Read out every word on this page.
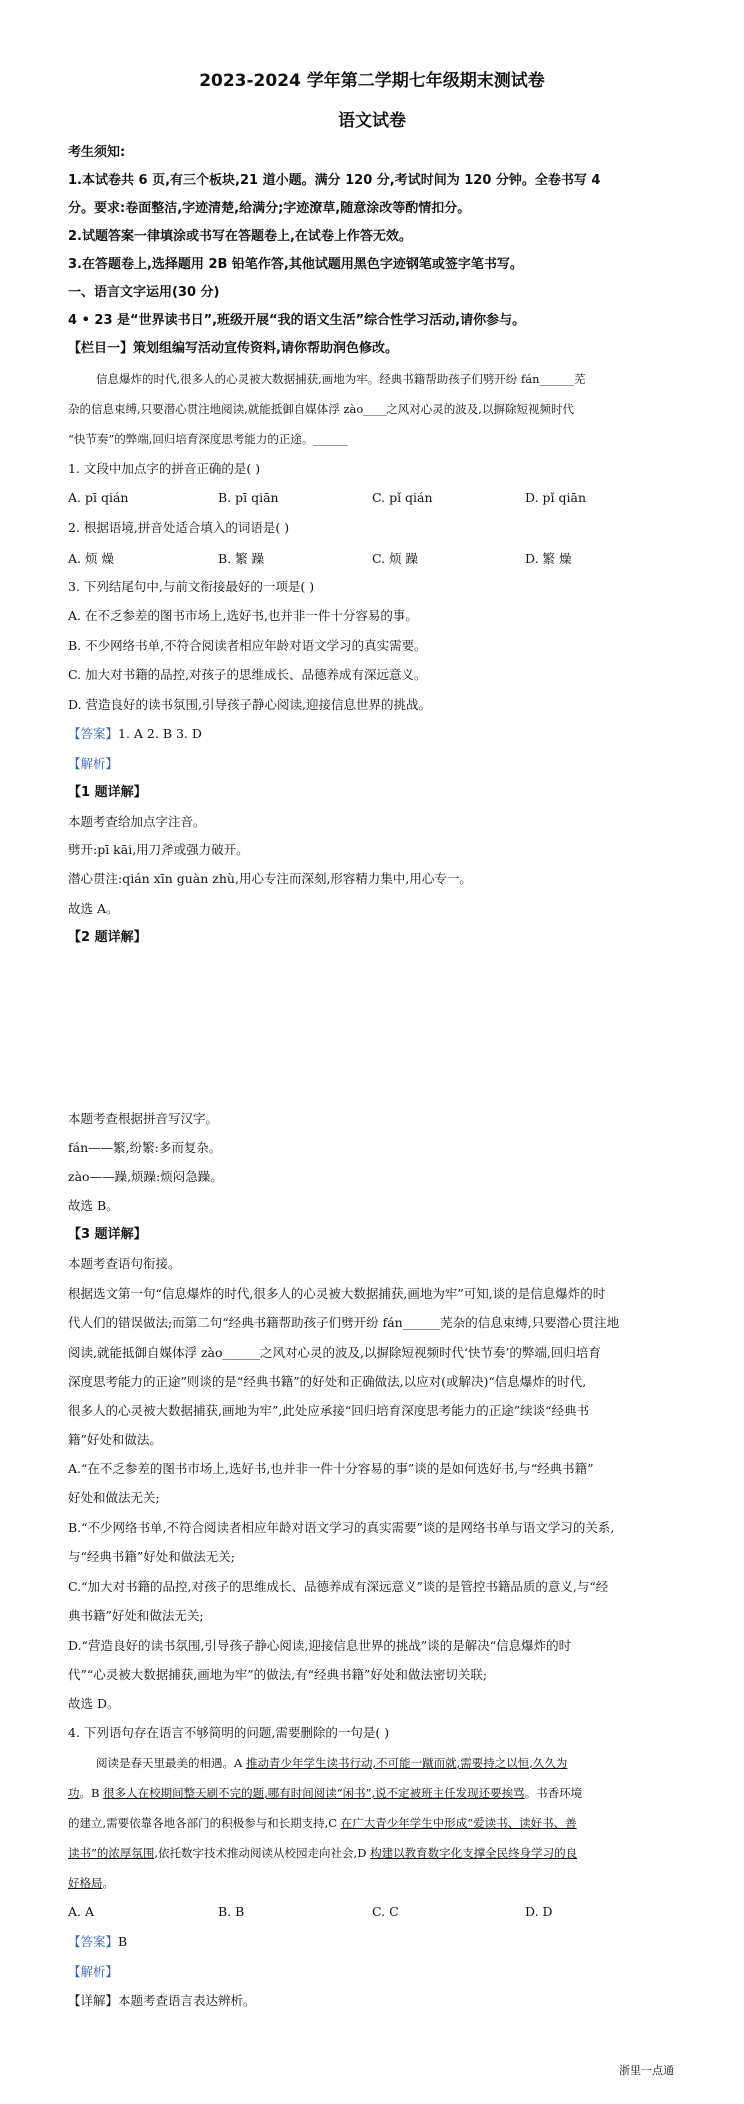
2023-2024 学年第二学期七年级期末测试卷
语文试卷
考生须知:
1.本试卷共 6 页,有三个板块,21 道小题。满分 120 分,考试时间为 120 分钟。全卷书写 4
分。要求:卷面整洁,字迹清楚,给满分;字迹潦草,随意涂改等酌情扣分。
2.试题答案一律填涂或书写在答题卷上,在试卷上作答无效。
3.在答题卷上,选择题用 2B 铅笔作答,其他试题用黑色字迹钢笔或签字笔书写。
一、语言文字运用(30 分)
4 • 23 是“世界读书日”,班级开展“我的语文生活”综合性学习活动,请你参与。
【栏目一】策划组编写活动宣传资料,请你帮助润色修改。
信息爆炸的时代,很多人的心灵被大数据捕获,画地为牢。经典书籍帮助孩子们劈开纷 fán______芜
杂的信息束缚,只要潜心贯注地阅读,就能抵御自媒体浮 zào____之风对心灵的波及,以摒除短视频时代
“快节奏”的弊端,回归培育深度思考能力的正途。______
1. 文段中加点字的拼音正确的是( )
A. pī qián	B. pī qiān	C. pǐ qián	D. pǐ qiān
2. 根据语境,拼音处适合填入的词语是( )
A. 烦 燥	B. 繁 躁	C. 烦 躁	D. 繁 燥
3. 下列结尾句中,与前文衔接最好的一项是( )
A. 在不乏参差的图书市场上,选好书,也并非一件十分容易的事。
B. 不少网络书单,不符合阅读者相应年龄对语文学习的真实需要。
C. 加大对书籍的品控,对孩子的思维成长、品德养成有深远意义。
D. 营造良好的读书氛围,引导孩子静心阅读,迎接信息世界的挑战。
【答案】1. A 2. B 3. D
【解析】
【1 题详解】
本题考查给加点字注音。
劈开:pī kāi,用刀斧或强力破开。
潜心贯注:qián xīn guàn zhù,用心专注而深刻,形容精力集中,用心专一。
故选 A。
【2 题详解】
本题考查根据拼音写汉字。
fán——繁,纷繁:多而复杂。
zào——躁,烦躁:烦闷急躁。
故选 B。
【3 题详解】
本题考查语句衔接。
根据选文第一句“信息爆炸的时代,很多人的心灵被大数据捕获,画地为牢”可知,谈的是信息爆炸的时
代人们的错误做法;而第二句“经典书籍帮助孩子们劈开纷 fán______芜杂的信息束缚,只要潜心贯注地
阅读,就能抵御自媒体浮 zào______之风对心灵的波及,以摒除短视频时代‘快节奏’的弊端,回归培育
深度思考能力的正途”则谈的是“经典书籍”的好处和正确做法,以应对(或解决)“信息爆炸的时代,
很多人的心灵被大数据捕获,画地为牢”,此处应承接“回归培育深度思考能力的正途”续谈“经典书
籍”好处和做法。
A.“在不乏参差的图书市场上,选好书,也并非一件十分容易的事”谈的是如何选好书,与“经典书籍”
好处和做法无关;
B.“不少网络书单,不符合阅读者相应年龄对语文学习的真实需要”谈的是网络书单与语文学习的关系,
与“经典书籍”好处和做法无关;
C.“加大对书籍的品控,对孩子的思维成长、品德养成有深远意义”谈的是管控书籍品质的意义,与“经
典书籍”好处和做法无关;
D.“营造良好的读书氛围,引导孩子静心阅读,迎接信息世界的挑战”谈的是解决“信息爆炸的时
代”“心灵被大数据捕获,画地为牢”的做法,有“经典书籍”好处和做法密切关联;
故选 D。
4. 下列语句存在语言不够简明的问题,需要删除的一句是( )
阅读是春天里最美的相遇。A 推动青少年学生读书行动,不可能一蹴而就,需要持之以恒,久久为
功。B 很多人在校期间整天刷不完的题,哪有时间阅读“闲书”,说不定被班主任发现还要挨骂。书香环境
的建立,需要依靠各地各部门的积极参与和长期支持,C 在广大青少年学生中形成“爱读书、读好书、善
读书”的浓厚氛围,依托数字技术推动阅读从校园走向社会,D 构建以教育数字化支撑全民终身学习的良
好格局。
A. A	B. B	C. C	D. D
【答案】B
【解析】
【详解】本题考查语言表达辨析。
浙里一点通
